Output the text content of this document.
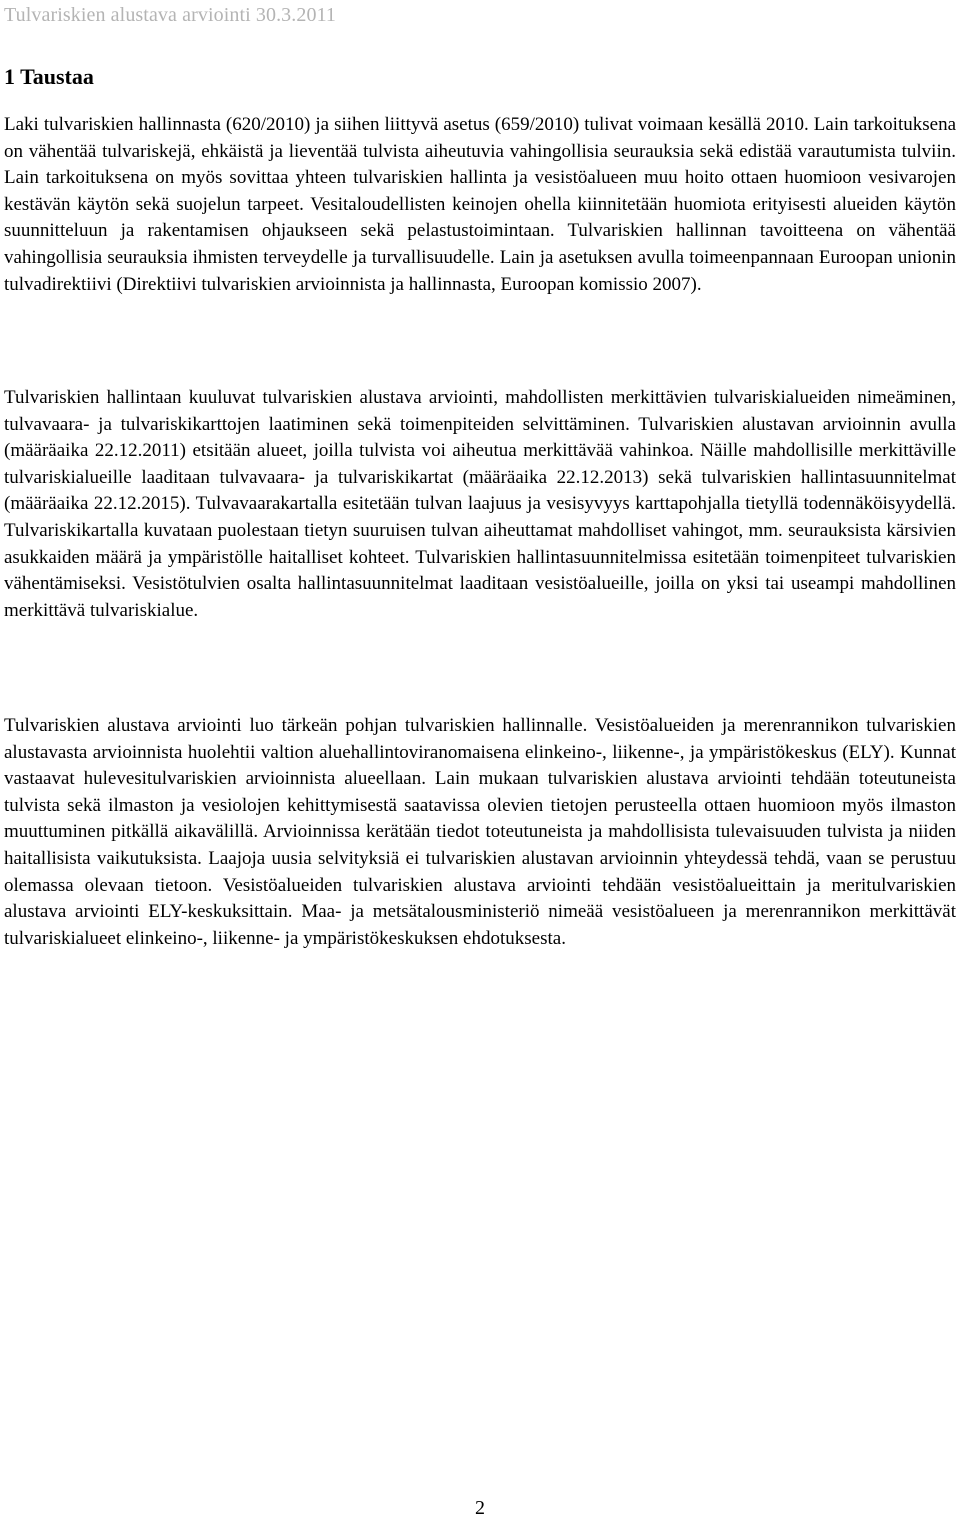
Tulvariskien alustava arviointi 30.3.2011
1 Taustaa

Laki tulvariskien hallinnasta (620/2010) ja siihen liittyvä asetus (659/2010) tulivat voimaan kesällä 2010. Lain tarkoituksena on vähentää tulvariskejä, ehkäistä ja lieventää tulvista aiheutuvia vahingollisia seurauksia sekä edistää varautumista tulviin. Lain tarkoituksena on myös sovittaa yhteen tulvariskien hallinta ja vesistöalueen muu hoito ottaen huomioon vesivarojen kestävän käytön sekä suojelun tarpeet. Vesitaloudellisten keinojen ohella kiinnitetään huomiota erityisesti alueiden käytön suunnitteluun ja rakentamisen ohjaukseen sekä pelastustoimintaan. Tulvariskien hallinnan tavoitteena on vähentää vahingollisia seurauksia ihmisten terveydelle ja turvallisuudelle. Lain ja asetuksen avulla toimeenpannaan Euroopan unionin tulvadirektiivi (Direktiivi tulvariskien arvioinnista ja hallinnasta, Euroopan komissio 2007).

Tulvariskien hallintaan kuuluvat tulvariskien alustava arviointi, mahdollisten merkittävien tulvariskialueiden nimeäminen, tulvavaara- ja tulvariskikarttojen laatiminen sekä toimenpiteiden selvittäminen. Tulvariskien alustavan arvioinnin avulla (määräaika 22.12.2011) etsitään alueet, joilla tulvista voi aiheutua merkittävää vahinkoa. Näille mahdollisille merkittäville tulvariskialueille laaditaan tulvavaara- ja tulvariskikartat (määräaika 22.12.2013) sekä tulvariskien hallintasuunnitelmat (määräaika 22.12.2015). Tulvavaarakartalla esitetään tulvan laajuus ja vesisyvyys karttapohjalla tietyllä todennäköisyydellä. Tulvariskikartalla kuvataan puolestaan tietyn suuruisen tulvan aiheuttamat mahdolliset vahingot, mm. seurauksista kärsivien asukkaiden määrä ja ympäristölle haitalliset kohteet. Tulvariskien hallintasuunnitelmissa esitetään toimenpiteet tulvariskien vähentämiseksi. Vesistötulvien osalta hallintasuunnitelmat laaditaan vesistöalueille, joilla on yksi tai useampi mahdollinen merkittävä tulvariskialue.

Tulvariskien alustava arviointi luo tärkeän pohjan tulvariskien hallinnalle. Vesistöalueiden ja merenrannikon tulvariskien alustavasta arvioinnista huolehtii valtion aluehallintoviranomaisena elinkeino-, liikenne-, ja ympäristökeskus (ELY). Kunnat vastaavat hulevesitulvariskien arvioinnista alueellaan. Lain mukaan tulvariskien alustava arviointi tehdään toteutuneista tulvista sekä ilmaston ja vesiolojen kehittymisestä saatavissa olevien tietojen perusteella ottaen huomioon myös ilmaston muuttuminen pitkällä aikavälillä. Arvioinnissa kerätään tiedot toteutuneista ja mahdollisista tulevaisuuden tulvista ja niiden haitallisista vaikutuksista. Laajoja uusia selvityksiä ei tulvariskien alustavan arvioinnin yhteydessä tehdä, vaan se perustuu olemassa olevaan tietoon. Vesistöalueiden tulvariskien alustava arviointi tehdään vesistöalueittain ja meritulvariskien alustava arviointi ELY-keskuksittain. Maa- ja metsätalousministeriö nimeää vesistöalueen ja merenrannikon merkittävät tulvariskialueet elinkeino-, liikenne- ja ympäristökeskuksen ehdotuksesta.

2
